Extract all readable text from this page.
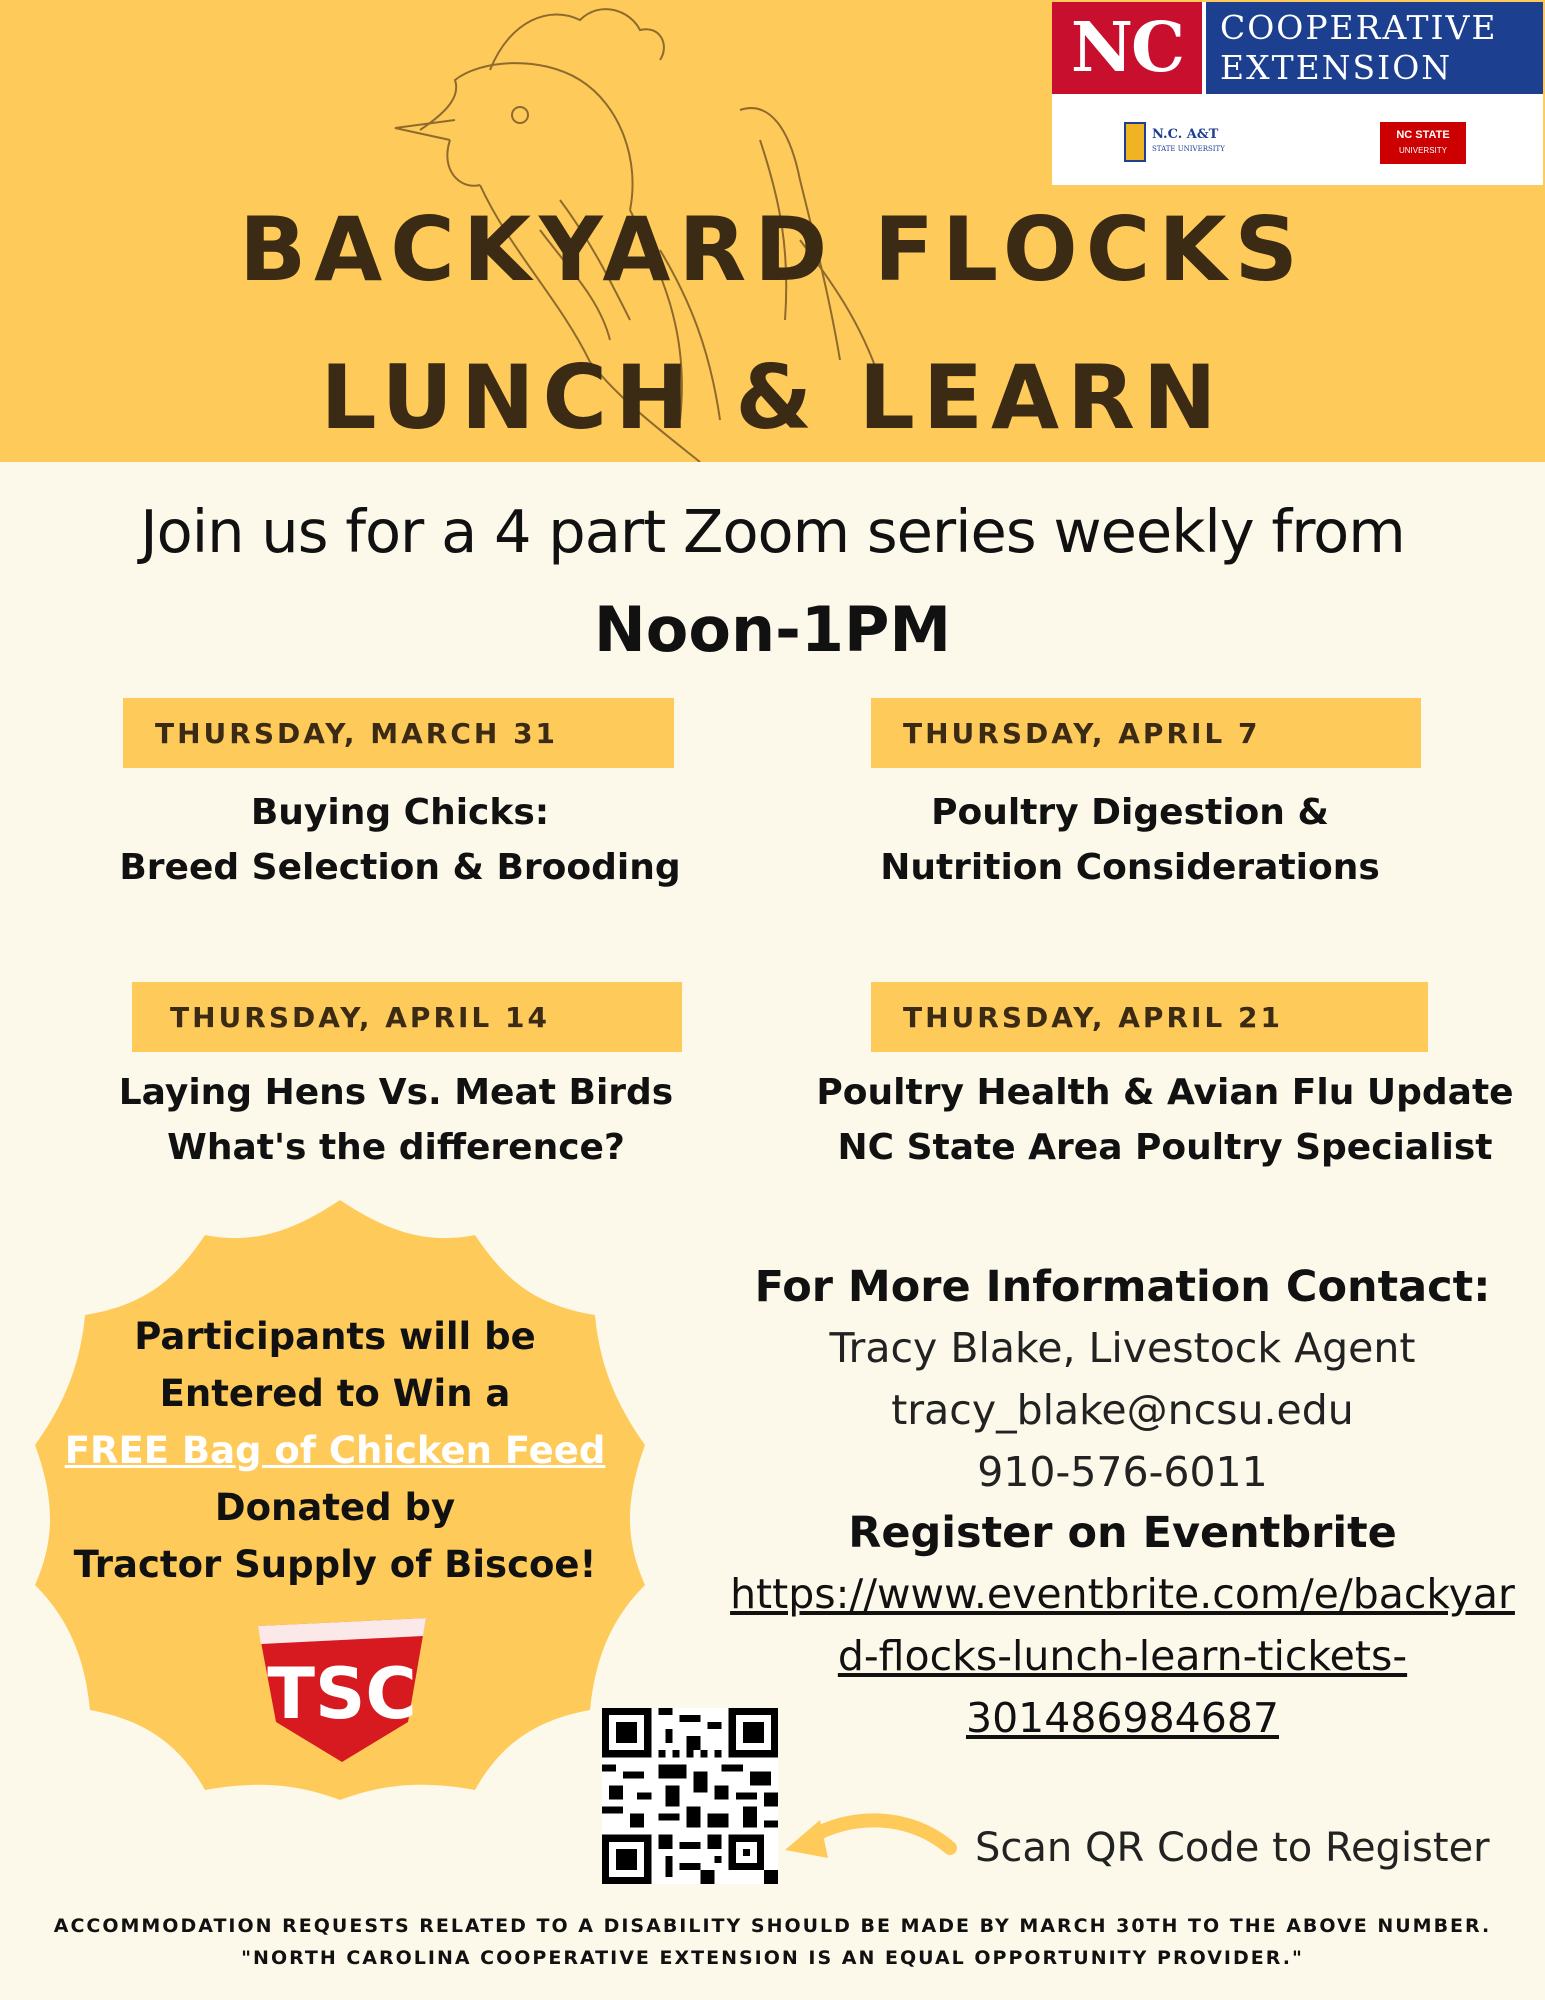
NC	COOPERATIVE
EXTENSION
N.C. A&T
STATE UNIVERSITY
NC STATE
UNIVERSITY
BACKYARD FLOCKS
LUNCH & LEARN
Join us for a 4 part Zoom series weekly from
Noon-1PM
THURSDAY, MARCH 31
Buying Chicks:
Breed Selection & Brooding
THURSDAY, APRIL 7
Poultry Digestion &
Nutrition Considerations
THURSDAY, APRIL 14
Laying Hens Vs. Meat Birds
What's the difference?
THURSDAY, APRIL 21
Poultry Health & Avian Flu Update
NC State Area Poultry Specialist
Participants will be
Entered to Win a
FREE Bag of Chicken Feed
Donated by
Tractor Supply of Biscoe!
TSC
For More Information Contact:
Tracy Blake, Livestock Agent
tracy_blake@ncsu.edu
910-576-6011
Register on Eventbrite
https://www.eventbrite.com/e/backyar
d-flocks-lunch-learn-tickets-
301486984687
Scan QR Code to Register
ACCOMMODATION REQUESTS RELATED TO A DISABILITY SHOULD BE MADE BY MARCH 30TH TO THE ABOVE NUMBER.
"NORTH CAROLINA COOPERATIVE EXTENSION IS AN EQUAL OPPORTUNITY PROVIDER."
